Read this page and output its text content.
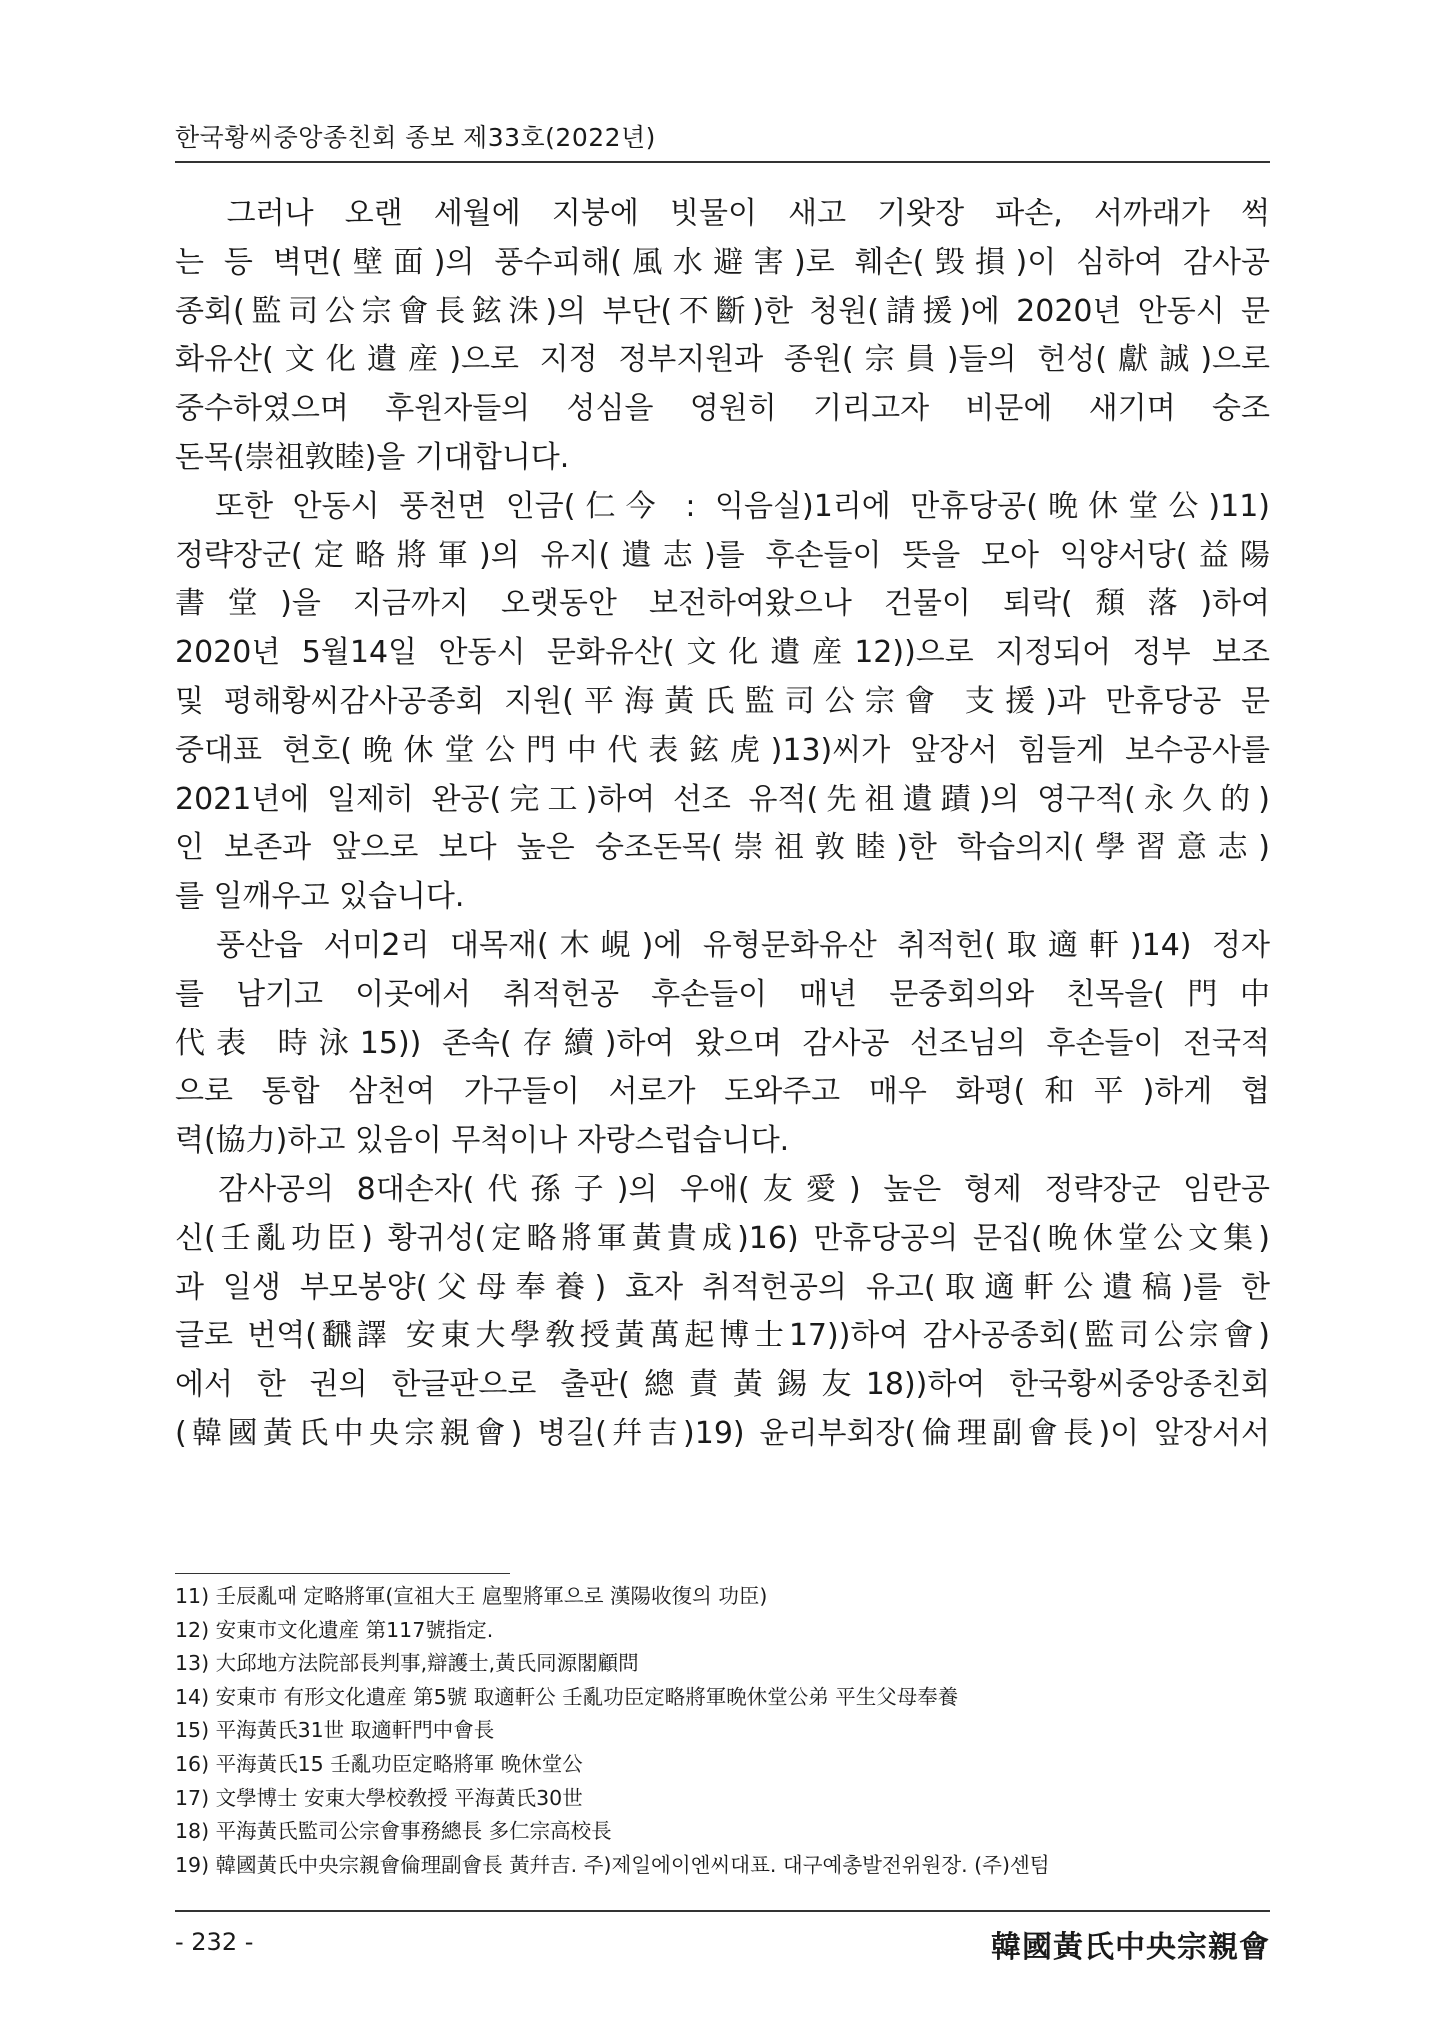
한국황씨중앙종친회 종보 제33호(2022년)

　그러나 오랜 세월에 지붕에 빗물이 새고 기왓장 파손, 서까래가 썩

는 등 벽면(壁面)의 풍수피해(風水避害)로 훼손(毁損)이 심하여 감사공

종회(監司公宗會長鉉洙)의 부단(不斷)한 청원(請援)에 2020년 안동시 문

화유산(文化遺産)으로 지정 정부지원과 종원(宗員)들의 헌성(獻誠)으로

중수하였으며 후원자들의 성심을 영원히 기리고자 비문에 새기며 숭조

돈목(崇祖敦睦)을 기대합니다.

　또한 안동시 풍천면 인금(仁今 : 익음실)1리에 만휴당공(晩休堂公)11)

정략장군(定略將軍)의 유지(遺志)를 후손들이 뜻을 모아 익양서당(益陽

書堂)을 지금까지 오랫동안 보전하여왔으나 건물이 퇴락(頹落)하여

2020년 5월14일 안동시 문화유산(文化遺産12))으로 지정되어 정부 보조

및 평해황씨감사공종회 지원(平海黃氏監司公宗會 支援)과 만휴당공 문

중대표 현호(晩休堂公門中代表鉉虎)13)씨가 앞장서 힘들게 보수공사를

2021년에 일제히 완공(完工)하여 선조 유적(先祖遺蹟)의 영구적(永久的)

인 보존과 앞으로 보다 높은 숭조돈목(崇祖敦睦)한 학습의지(學習意志)

를 일깨우고 있습니다.

　풍산읍 서미2리 대목재(木峴)에 유형문화유산 취적헌(取適軒)14) 정자

를 남기고 이곳에서 취적헌공 후손들이 매년 문중회의와 친목을(門中

代表 時泳15)) 존속(存續)하여 왔으며 감사공 선조님의 후손들이 전국적

으로 통합 삼천여 가구들이 서로가 도와주고 매우 화평(和平)하게 협

력(協力)하고 있음이 무척이나 자랑스럽습니다.

　감사공의 8대손자(代孫子)의 우애(友愛) 높은 형제 정략장군 임란공

신(壬亂功臣) 황귀성(定略將軍黃貴成)16) 만휴당공의 문집(晩休堂公文集)

과 일생 부모봉양(父母奉養) 효자 취적헌공의 유고(取適軒公遺稿)를 한

글로 번역(飜譯 安東大學敎授黃萬起博士17))하여 감사공종회(監司公宗會)

에서 한 권의 한글판으로 출판(總責黃錫友18))하여 한국황씨중앙종친회

(韓國黃氏中央宗親會) 병길(幷吉)19) 윤리부회장(倫理副會長)이 앞장서서

11) 壬辰亂때 定略將軍(宣祖大王 扈聖將軍으로 漢陽收復의 功臣)
12) 安東市文化遺産 第117號指定.
13) 大邱地方法院部長判事,辯護士,黃氏同源閣顧問
14) 安東市 有形文化遺産 第5號 取適軒公 壬亂功臣定略將軍晩休堂公弟 平生父母奉養
15) 平海黃氏31世 取適軒門中會長
16) 平海黃氏15 壬亂功臣定略將軍 晩休堂公
17) 文學博士 安東大學校敎授 平海黃氏30世
18) 平海黃氏監司公宗會事務總長 多仁宗高校長
19) 韓國黃氏中央宗親會倫理副會長 黃幷吉. 주)제일에이엔씨대표. 대구예총발전위원장. (주)센텀
- 232 -	韓國黃氏中央宗親會
